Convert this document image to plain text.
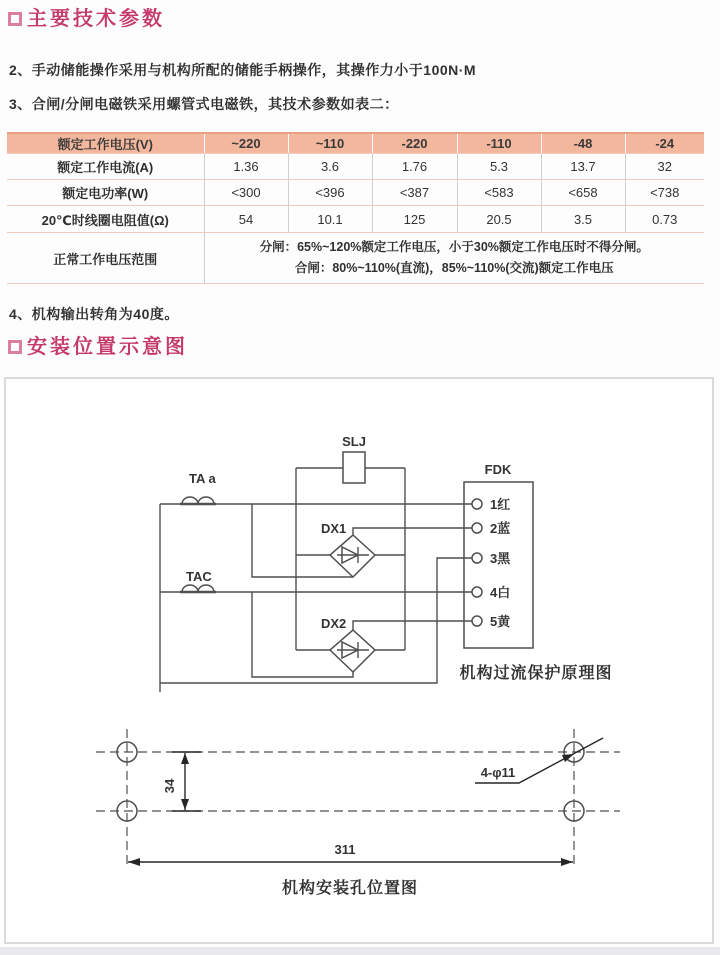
主要技术参数
2、手动储能操作采用与机构所配的储能手柄操作，其操作力小于100N·M
3、合闸/分闸电磁铁采用螺管式电磁铁，其技术参数如表二：
额定工作电压(V)	~220	~110	-220	-110	-48	-24
额定工作电流(A)	1.36	3.6	1.76	5.3	13.7	32
额定电功率(W)	<300	<396	<387	<583	<658	<738
20℃时线圈电阻值(Ω)	54	10.1	125	20.5	3.5	0.73
正常工作电压范围	分闸：65%~120%额定工作电压，小于30%额定工作电压时不得分闸。
合闸：80%~110%(直流)，85%~110%(交流)额定工作电压					
4、机构输出转角为40度。
安装位置示意图
SLJ
TA a
TAC
DX1
DX2
FDK
1红
2蓝
3黑
4白
5黄
机构过流保护原理图
34
311
4-φ11
机构安装孔位置图
